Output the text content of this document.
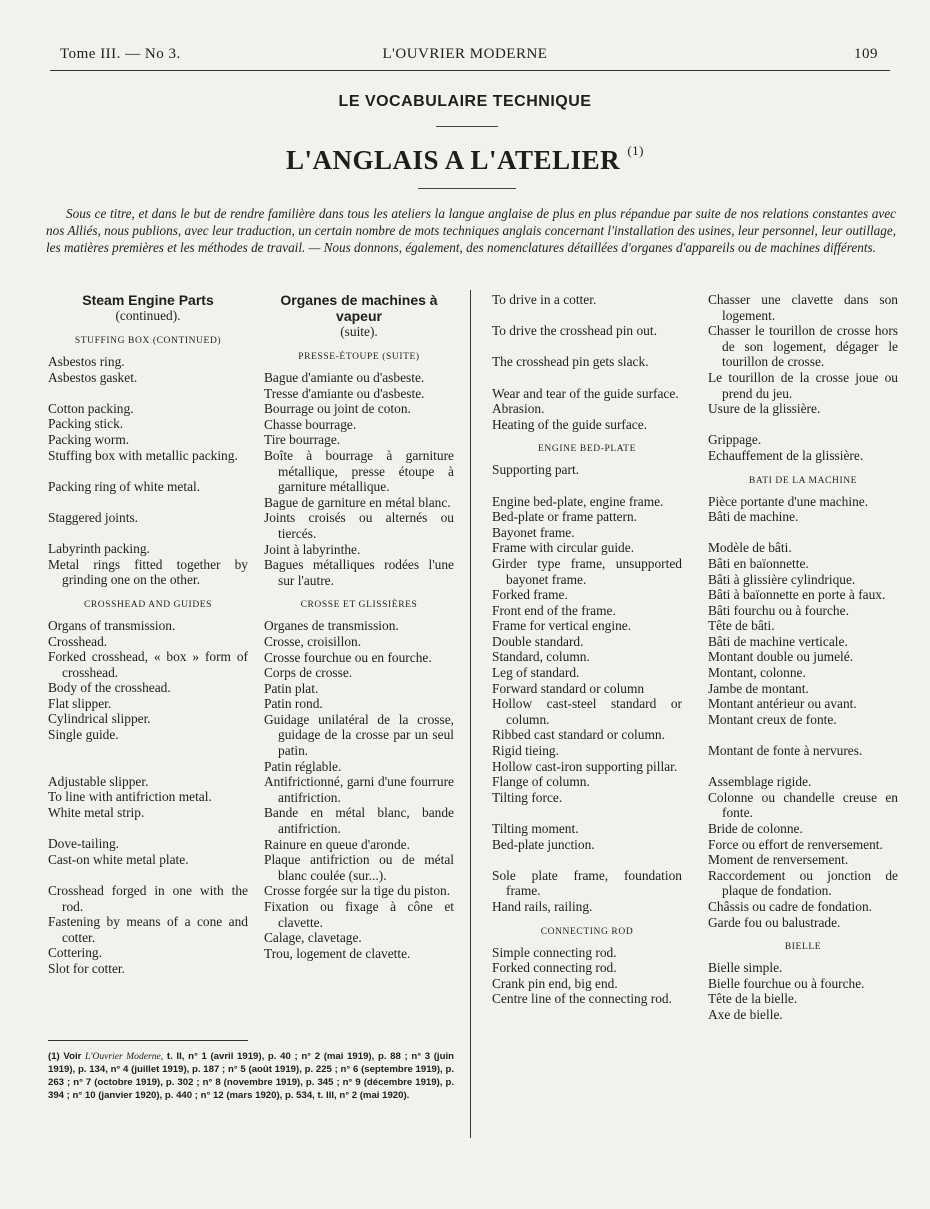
Tome III. — No 3.	L'OUVRIER MODERNE	109
LE VOCABULAIRE TECHNIQUE
L'ANGLAIS A L'ATELIER $^{(1)}$
Sous ce titre, et dans le but de rendre familière dans tous les ateliers la langue anglaise de plus en plus répandue par suite de nos relations constantes avec nos Alliés, nous publions, avec leur traduction, un certain nombre de mots techniques anglais concernant l'installation des usines, leur personnel, leur outillage, les matières premières et les méthodes de travail. — Nous donnons, également, des nomenclatures détaillées d'organes d'appareils ou de machines différents.
Steam Engine Parts
(continued).
STUFFING BOX (CONTINUED)
Asbestos ring.
Asbestos gasket.
Cotton packing.
Packing stick.
Packing worm.
Stuffing box with metallic packing.
Packing ring of white metal.
Staggered joints.
Labyrinth packing.
Metal rings fitted together by grinding one on the other.
CROSSHEAD AND GUIDES
Organs of transmission.
Crosshead.
Forked crosshead, « box » form of crosshead.
Body of the crosshead.
Flat slipper.
Cylindrical slipper.
Single guide.
Adjustable slipper.
To line with antifriction metal.
White metal strip.
Dove-tailing.
Cast-on white metal plate.
Crosshead forged in one with the rod.
Fastening by means of a cone and cotter.
Cottering.
Slot for cotter.
Organes de machines à vapeur
(suite).
PRESSE-ÉTOUPE (SUITE)
Bague d'amiante ou d'asbeste.
Tresse d'amiante ou d'asbeste.
Bourrage ou joint de coton.
Chasse bourrage.
Tire bourrage.
Boîte à bourrage à garniture métallique, presse étoupe à garniture métallique.
Bague de garniture en métal blanc.
Joints croisés ou alternés ou tiercés.
Joint à labyrinthe.
Bagues métalliques rodées l'une sur l'autre.
CROSSE ET GLISSIÈRES
Organes de transmission.
Crosse, croisillon.
Crosse fourchue ou en fourche.
Corps de crosse.
Patin plat.
Patin rond.
Guidage unilatéral de la crosse, guidage de la crosse par un seul patin.
Patin réglable.
Antifrictionné, garni d'une fourrure antifriction.
Bande en métal blanc, bande antifriction.
Rainure en queue d'aronde.
Plaque antifriction ou de métal blanc coulée (sur...).
Crosse forgée sur la tige du piston.
Fixation ou fixage à cône et clavette.
Calage, clavetage.
Trou, logement de clavette.
To drive in a cotter.
To drive the crosshead pin out.
The crosshead pin gets slack.
Wear and tear of the guide surface.
Abrasion.
Heating of the guide surface.
ENGINE BED-PLATE
Supporting part.
Engine bed-plate, engine frame.
Bed-plate or frame pattern.
Bayonet frame.
Frame with circular guide.
Girder type frame, unsupported bayonet frame.
Forked frame.
Front end of the frame.
Frame for vertical engine.
Double standard.
Standard, column.
Leg of standard.
Forward standard or column
Hollow cast-steel standard or column.
Ribbed cast standard or column.
Rigid tieing.
Hollow cast-iron supporting pillar.
Flange of column.
Tilting force.
Tilting moment.
Bed-plate junction.
Sole plate frame, foundation frame.
Hand rails, railing.
CONNECTING ROD
Simple connecting rod.
Forked connecting rod.
Crank pin end, big end.
Centre line of the connecting rod.
Chasser une clavette dans son logement.
Chasser le tourillon de crosse hors de son logement, dégager le tourillon de crosse.
Le tourillon de la crosse joue ou prend du jeu.
Usure de la glissière.
Grippage.
Echauffement de la glissière.
BATI DE LA MACHINE
Pièce portante d'une machine.
Bâti de machine.
Modèle de bâti.
Bâti en baïonnette.
Bâti à glissière cylindrique.
Bâti à baïonnette en porte à faux.
Bâti fourchu ou à fourche.
Tête de bâti.
Bâti de machine verticale.
Montant double ou jumelé.
Montant, colonne.
Jambe de montant.
Montant antérieur ou avant.
Montant creux de fonte.
Montant de fonte à nervures.
Assemblage rigide.
Colonne ou chandelle creuse en fonte.
Bride de colonne.
Force ou effort de renversement.
Moment de renversement.
Raccordement ou jonction de plaque de fondation.
Châssis ou cadre de fondation.
Garde fou ou balustrade.
BIELLE
Bielle simple.
Bielle fourchue ou à fourche.
Tête de la bielle.
Axe de bielle.
(1) Voir L'Ouvrier Moderne, t. II, n° 1 (avril 1919), p. 40 ; n° 2 (mai 1919), p. 88 ; n° 3 (juin 1919), p. 134, n° 4 (juillet 1919), p. 187 ; n° 5 (août 1919), p. 225 ; n° 6 (septembre 1919), p. 263 ; n° 7 (octobre 1919), p. 302 ; n° 8 (novembre 1919), p. 345 ; n° 9 (décembre 1919), p. 394 ; n° 10 (janvier 1920), p. 440 ; n° 12 (mars 1920), p. 534, t. III, n° 2 (mai 1920).
